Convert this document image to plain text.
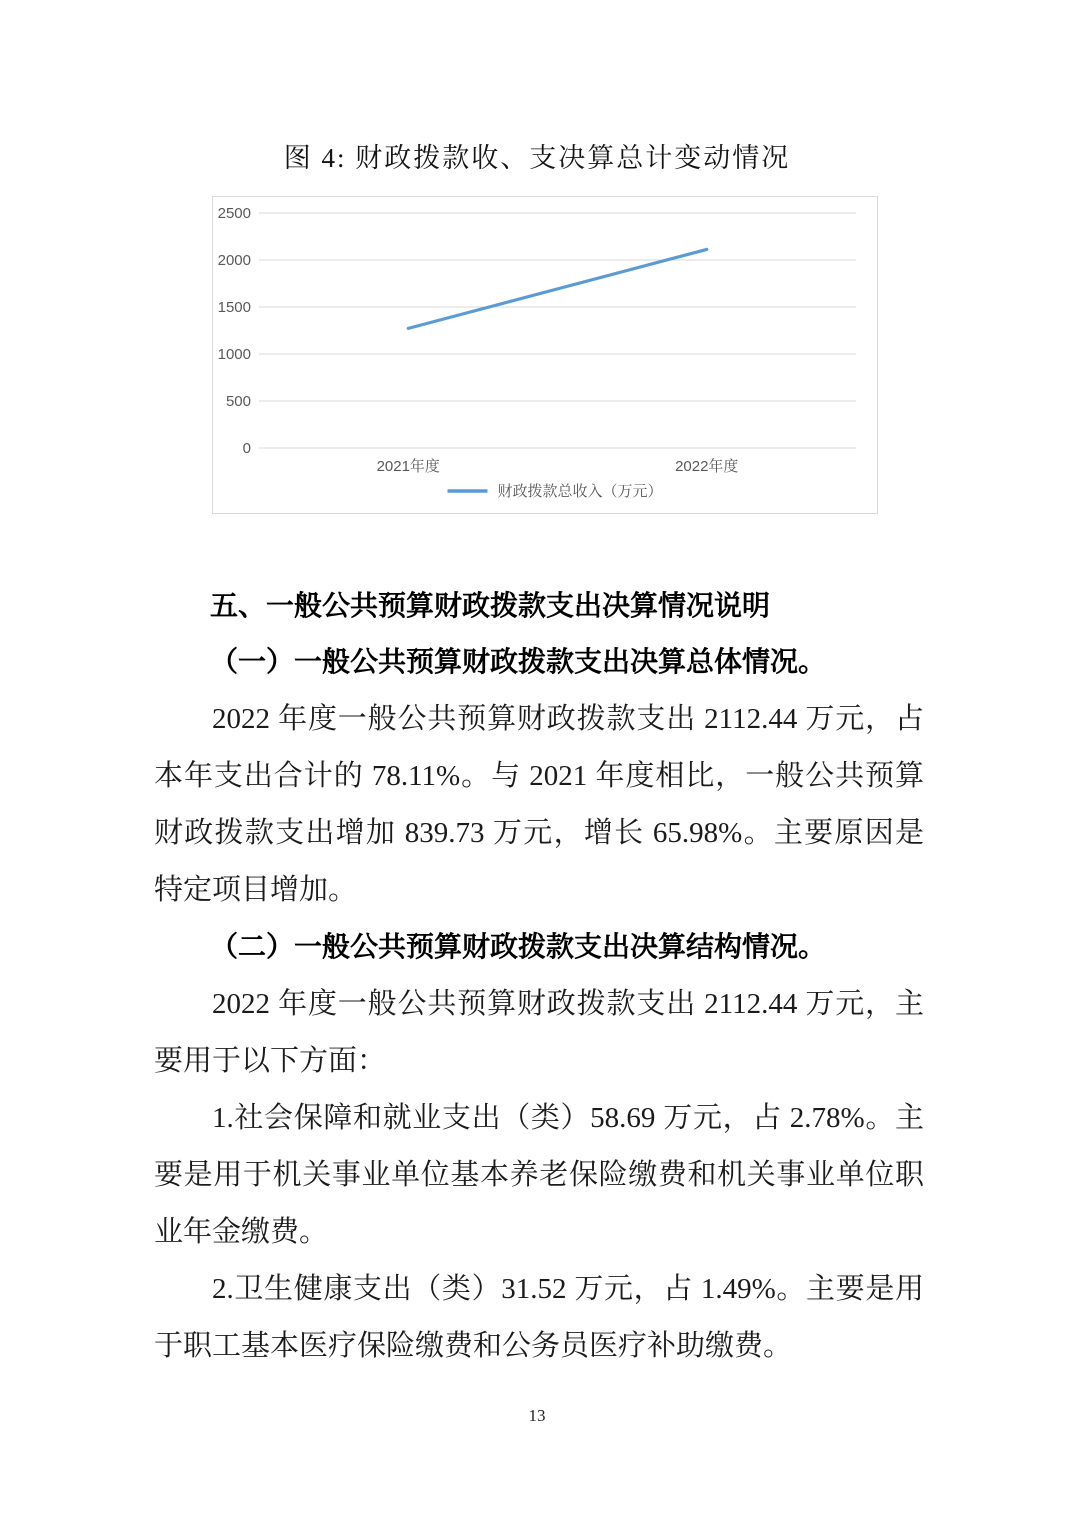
图 4: 财政拨款收、支决算总计变动情况
0
500
1000
1500
2000
2500
2021年度	2022年度
财政拨款总收入（万元）
五、一般公共预算财政拨款支出决算情况说明
（一）一般公共预算财政拨款支出决算总体情况。

2022 年度一般公共预算财政拨款支出 2112.44 万元，占本年支出合计的 78.11%。与 2021 年度相比，一般公共预算财政拨款支出增加 839.73 万元，增长 65.98%。主要原因是特定项目增加。

（二）一般公共预算财政拨款支出决算结构情况。

2022 年度一般公共预算财政拨款支出 2112.44 万元，主要用于以下方面：

1.社会保障和就业支出（类）58.69 万元，占 2.78%。主要是用于机关事业单位基本养老保险缴费和机关事业单位职业年金缴费。

2.卫生健康支出（类）31.52 万元，占 1.49%。主要是用于职工基本医疗保险缴费和公务员医疗补助缴费。

13
